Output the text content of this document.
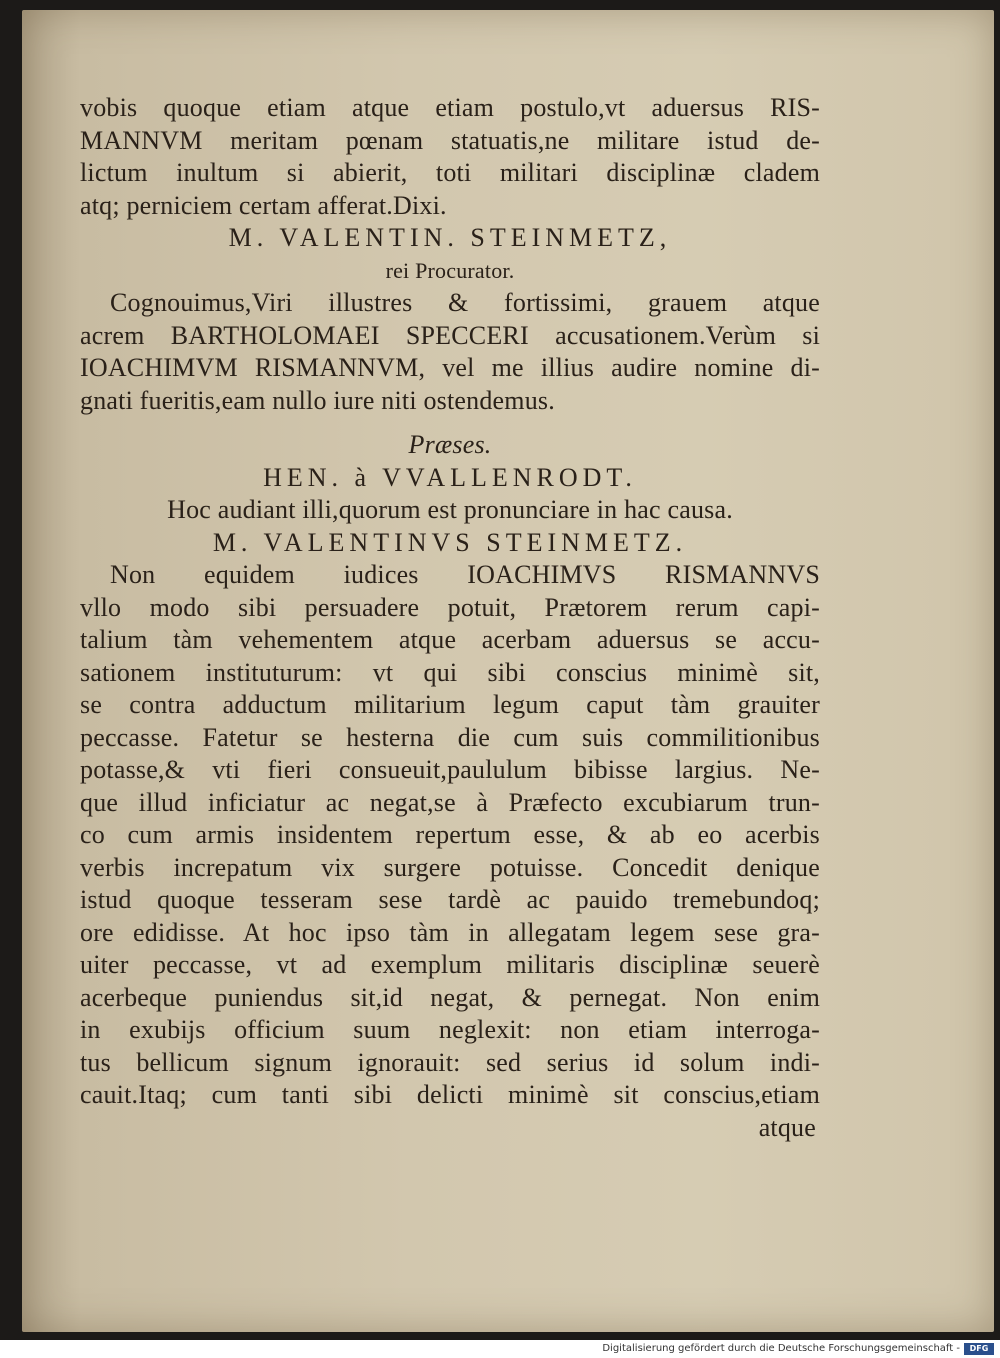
vobis quoque etiam atque etiam postulo,vt aduersus RIS-
MANNVM meritam pœnam statuatis,ne militare istud de-
lictum inultum si abierit, toti militari disciplinæ cladem
atq; perniciem certam afferat.Dixi.
M. VALENTIN. STEINMETZ,
rei Procurator.
Cognouimus,Viri illustres & fortissimi, grauem atque
acrem BARTHOLOMAEI SPECCERI accusationem.Verùm si
IOACHIMVM RISMANNVM, vel me illius audire nomine di-
gnati fueritis,eam nullo iure niti ostendemus.
Præses.
HEN. à VVALLENRODT.
Hoc audiant illi,quorum est pronunciare in hac causa.
M. VALENTINVS STEINMETZ.
Non equidem iudices IOACHIMVS RISMANNVS
vllo modo sibi persuadere potuit, Prætorem rerum capi-
talium tàm vehementem atque acerbam aduersus se accu-
sationem instituturum: vt qui sibi conscius minimè sit,
se contra adductum militarium legum caput tàm grauiter
peccasse. Fatetur se hesterna die cum suis commilitionibus
potasse,& vti fieri consueuit,paululum bibisse largius. Ne-
que illud inficiatur ac negat,se à Præfecto excubiarum trun-
co cum armis insidentem repertum esse, & ab eo acerbis
verbis increpatum vix surgere potuisse. Concedit denique
istud quoque tesseram sese tardè ac pauido tremebundoq;
ore edidisse. At hoc ipso tàm in allegatam legem sese gra-
uiter peccasse, vt ad exemplum militaris disciplinæ seuerè
acerbeque puniendus sit,id negat, & pernegat. Non enim
in exubijs officium suum neglexit: non etiam interroga-
tus bellicum signum ignorauit: sed serius id solum indi-
cauit.Itaq; cum tanti sibi delicti minimè sit conscius,etiam
atque
Digitalisierung gefördert durch die Deutsche Forschungsgemeinschaft -	DFG
